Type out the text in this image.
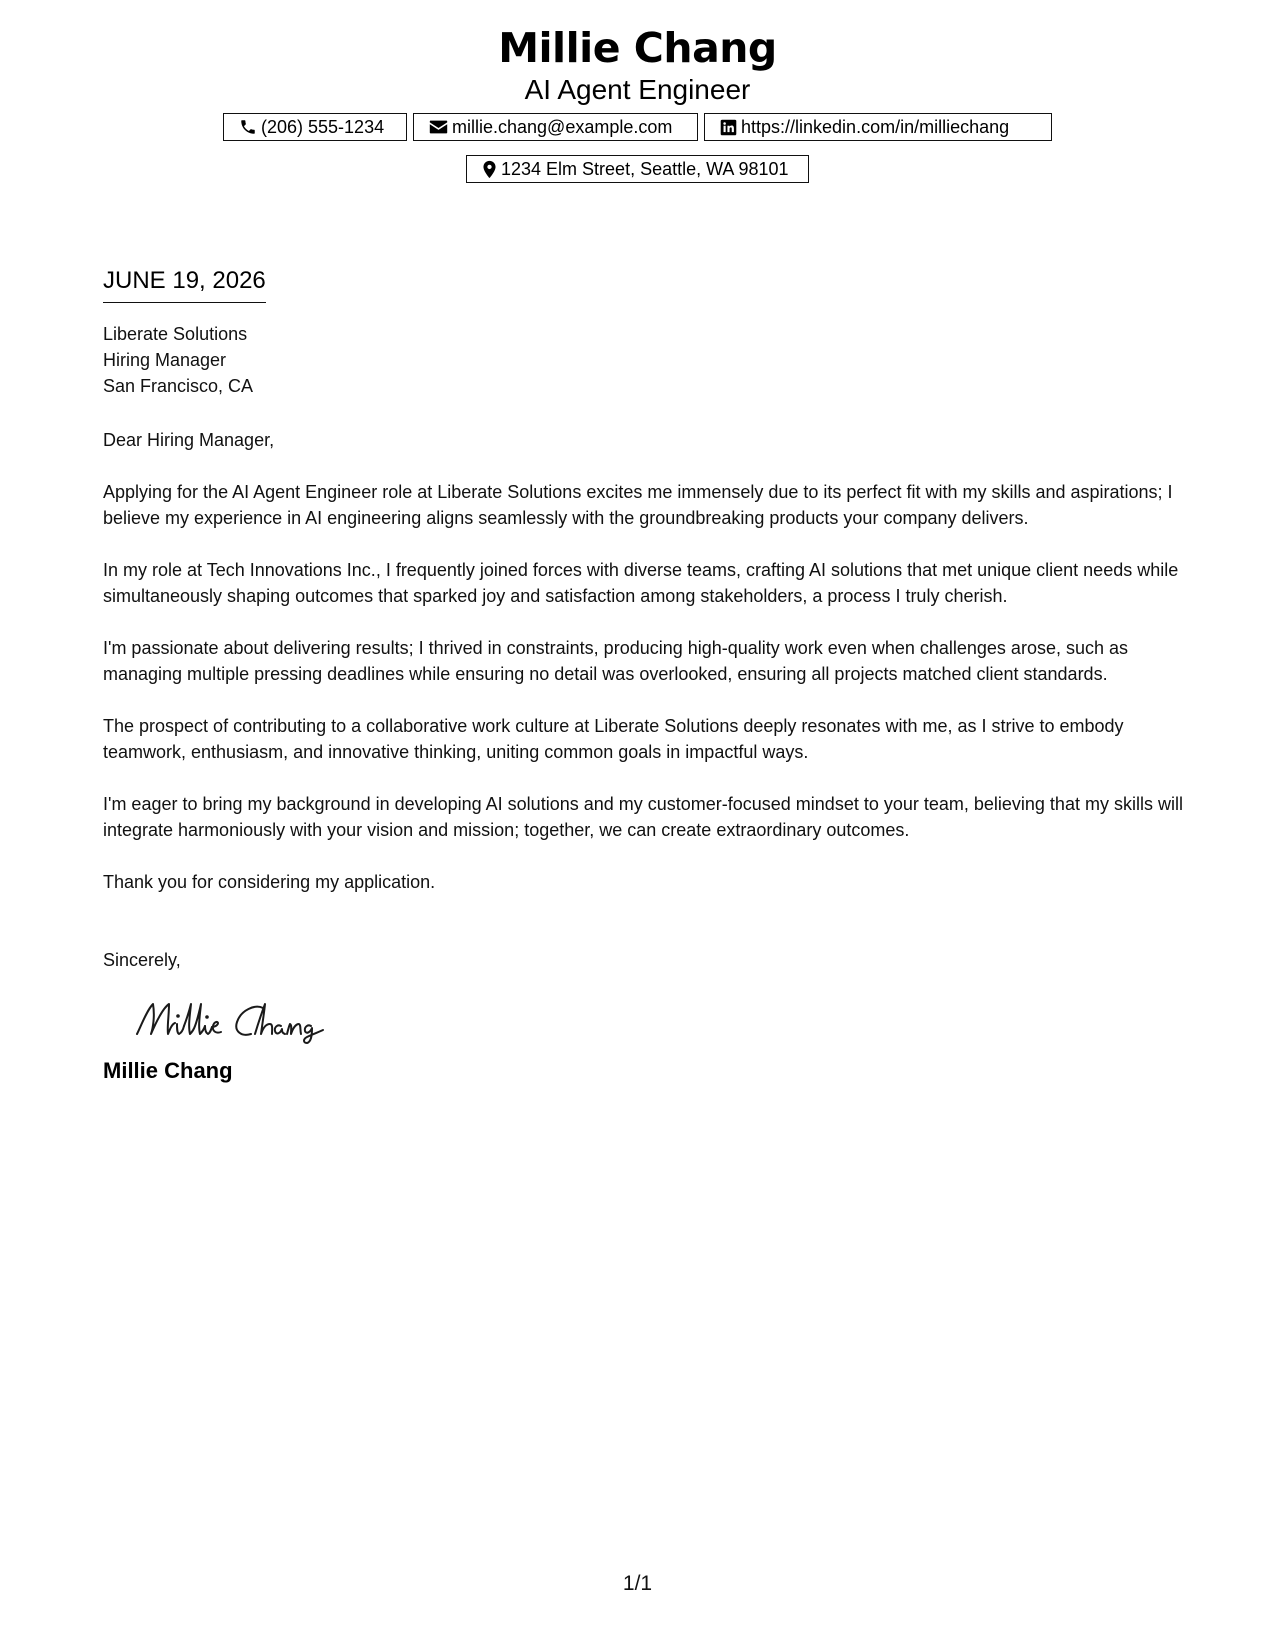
Millie Chang
AI Agent Engineer
(206) 555-1234	millie.chang@example.com	https://linkedin.com/in/milliechang
1234 Elm Street, Seattle, WA 98101
JUNE 19, 2026
Liberate Solutions
Hiring Manager
San Francisco, CA
Dear Hiring Manager,

Applying for the AI Agent Engineer role at Liberate Solutions excites me immensely due to its perfect fit with my skills and aspirations; I believe my experience in AI engineering aligns seamlessly with the groundbreaking products your company delivers.

In my role at Tech Innovations Inc., I frequently joined forces with diverse teams, crafting AI solutions that met unique client needs while simultaneously shaping outcomes that sparked joy and satisfaction among stakeholders, a process I truly cherish.

I'm passionate about delivering results; I thrived in constraints, producing high-quality work even when challenges arose, such as managing multiple pressing deadlines while ensuring no detail was overlooked, ensuring all projects matched client standards.

The prospect of contributing to a collaborative work culture at Liberate Solutions deeply resonates with me, as I strive to embody teamwork, enthusiasm, and innovative thinking, uniting common goals in impactful ways.

I'm eager to bring my background in developing AI solutions and my customer-focused mindset to your team, believing that my skills will integrate harmoniously with your vision and mission; together, we can create extraordinary outcomes.

Thank you for considering my application.

Sincerely,
Millie Chang
1/1
